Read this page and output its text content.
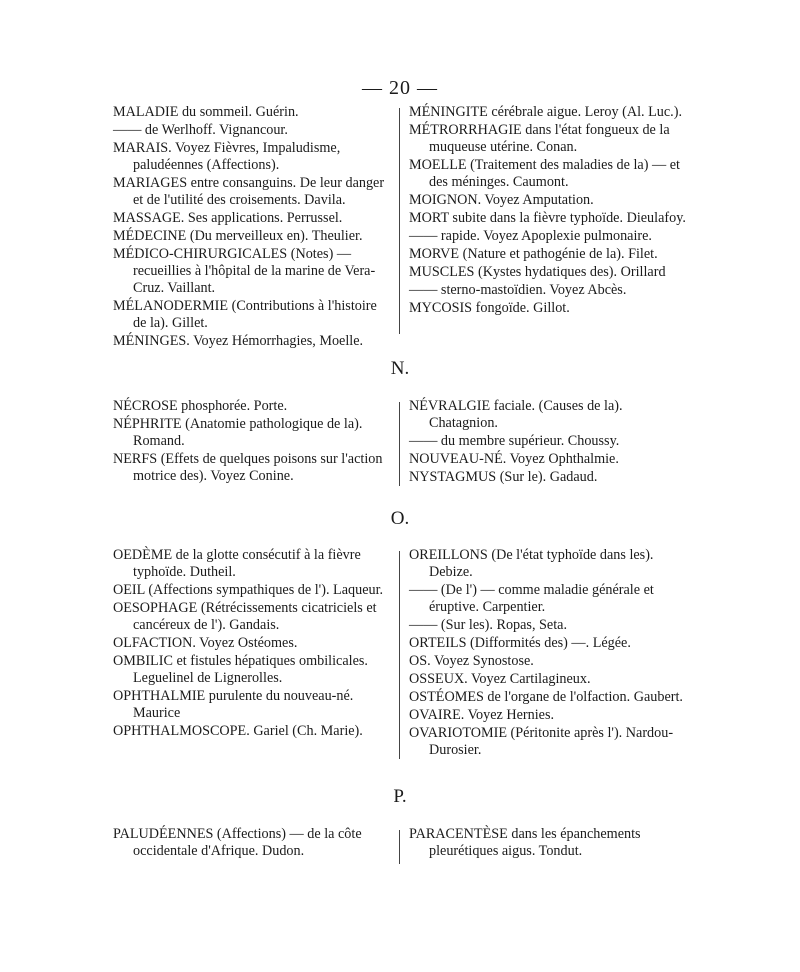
— 20 —
MALADIE du sommeil. Guérin.
—— de Werlhoff. Vignancour.
MARAIS. Voyez Fièvres, Impaludisme, paludéennes (Affections).
MARIAGES entre consanguins. De leur danger et de l'utilité des croisements. Davila.
MASSAGE. Ses applications. Perrussel.
MÉDECINE (Du merveilleux en). Theulier.
MÉDICO-CHIRURGICALES (Notes) — recueillies à l'hôpital de la marine de Vera-Cruz. Vaillant.
MÉLANODERMIE (Contributions à l'histoire de la). Gillet.
MÉNINGES. Voyez Hémorrhagies, Moelle.
MÉNINGITE cérébrale aigue. Leroy (Al. Luc.).
MÉTRORRHAGIE dans l'état fongueux de la muqueuse utérine. Conan.
MOELLE (Traitement des maladies de la) — et des méninges. Caumont.
MOIGNON. Voyez Amputation.
MORT subite dans la fièvre typhoïde. Dieulafoy.
—— rapide. Voyez Apoplexie pulmonaire.
MORVE (Nature et pathogénie de la). Filet.
MUSCLES (Kystes hydatiques des). Orillard
—— sterno-mastoïdien. Voyez Abcès.
MYCOSIS fongoïde. Gillot.
N.
NÉCROSE phosphorée. Porte.
NÉPHRITE (Anatomie pathologique de la). Romand.
NERFS (Effets de quelques poisons sur l'action motrice des). Voyez Conine.
NÉVRALGIE faciale. (Causes de la). Chatagnion.
—— du membre supérieur. Choussy.
NOUVEAU-NÉ. Voyez Ophthalmie.
NYSTAGMUS (Sur le). Gadaud.
O.
OEDÈME de la glotte consécutif à la fièvre typhoïde. Dutheil.
OEIL (Affections sympathiques de l'). Laqueur.
OESOPHAGE (Rétrécissements cicatriciels et cancéreux de l'). Gandais.
OLFACTION. Voyez Ostéomes.
OMBILIC et fistules hépatiques ombilicales. Leguelinel de Lignerolles.
OPHTHALMIE purulente du nouveau-né. Maurice
OPHTHALMOSCOPE. Gariel (Ch. Marie).
OREILLONS (De l'état typhoïde dans les). Debize.
—— (De l') — comme maladie générale et éruptive. Carpentier.
—— (Sur les). Ropas, Seta.
ORTEILS (Difformités des) —. Légée.
OS. Voyez Synostose.
OSSEUX. Voyez Cartilagineux.
OSTÉOMES de l'organe de l'olfaction. Gaubert.
OVAIRE. Voyez Hernies.
OVARIOTOMIE (Péritonite après l'). Nardou-Durosier.
P.
PALUDÉENNES (Affections) — de la côte occidentale d'Afrique. Dudon.
PARACENTÈSE dans les épanchements pleurétiques aigus. Tondut.
